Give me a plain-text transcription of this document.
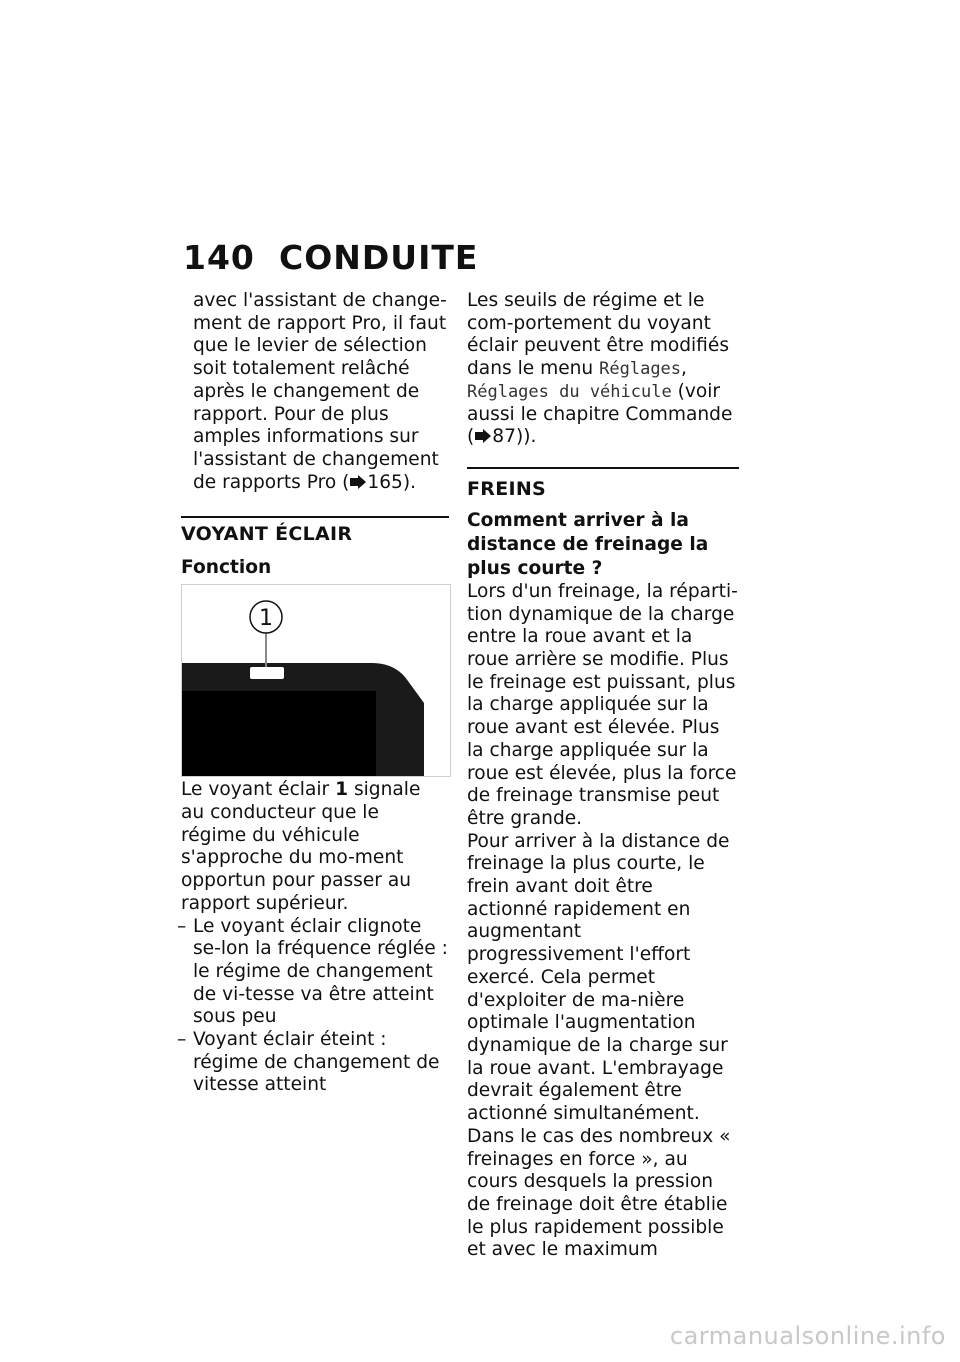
140 CONDUITE

avec l'assistant de change-ment de rapport Pro, il faut que le levier de sélection soit totalement relâché après le changement de rapport. Pour de plus amples informations sur l'assistant de changement de rapports Pro ( 165).

VOYANT ÉCLAIR
Fonction
1

Le voyant éclair 1 signale au conducteur que le régime du véhicule s'approche du mo-ment opportun pour passer au rapport supérieur.

– Le voyant éclair clignote se-lon la fréquence réglée : le régime de changement de vi-tesse va être atteint sous peu
– Voyant éclair éteint : régime de changement de vitesse atteint

Les seuils de régime et le com-portement du voyant éclair peuvent être modifiés dans le menu Réglages, Réglages du véhicule (voir aussi le chapitre Commande ( 87)).

FREINS
Comment arriver à la distance de freinage la plus courte ?

Lors d'un freinage, la réparti-tion dynamique de la charge entre la roue avant et la roue arrière se modifie. Plus le freinage est puissant, plus la charge appliquée sur la roue avant est élevée. Plus la charge appliquée sur la roue est élevée, plus la force de freinage transmise peut être grande.

Pour arriver à la distance de freinage la plus courte, le frein avant doit être actionné rapidement en augmentant progressivement l'effort exercé. Cela permet d'exploiter de ma-nière optimale l'augmentation dynamique de la charge sur la roue avant. L'embrayage devrait également être actionné simultanément. Dans le cas des nombreux « freinages en force », au cours desquels la pression de freinage doit être établie le plus rapidement possible et avec le maximum

carmanualsonline.info
